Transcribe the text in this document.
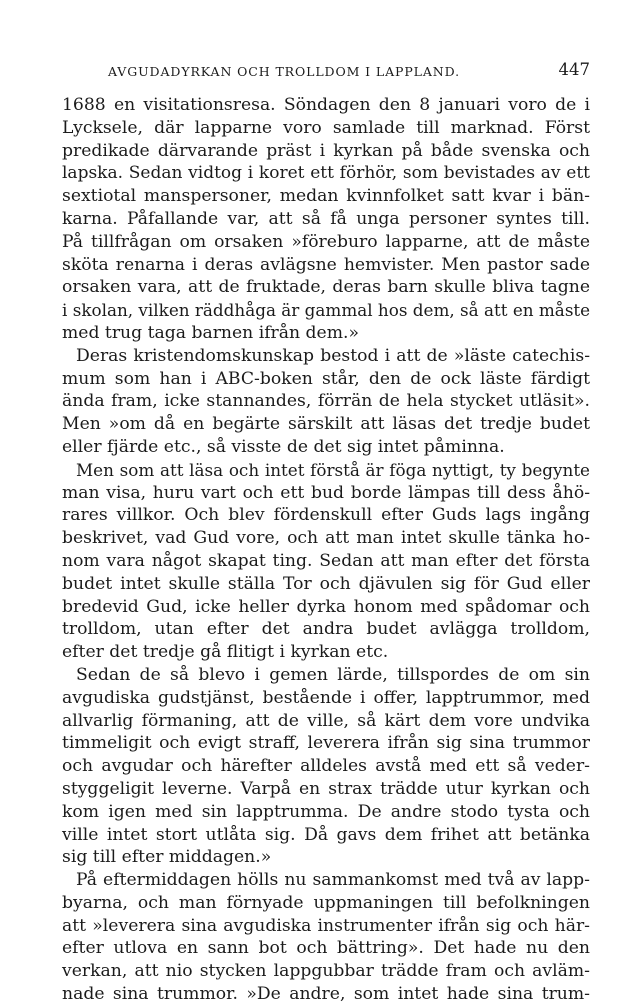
AVGUDADYRKAN OCH TROLLDOM I LAPPLAND.	447
1688 en visitationsresa. Söndagen den 8 januari voro de i
Lycksele, där lapparne voro samlade till marknad. Först
predikade därvarande präst i kyrkan på både svenska och
lapska. Sedan vidtog i koret ett förhör, som bevistades av ett
sextiotal manspersoner, medan kvinnfolket satt kvar i bän-
karna. Påfallande var, att så få unga personer syntes till.
På tillfrågan om orsaken »föreburo lapparne, att de måste
sköta renarna i deras avlägsne hemvister. Men pastor sade
orsaken vara, att de fruktade, deras barn skulle bliva tagne
i skolan, vilken räddhåga är gammal hos dem, så att en måste
med trug taga barnen ifrån dem.»
Deras kristendomskunskap bestod i att de »läste catechis-
mum som han i ABC-boken står, den de ock läste färdigt
ända fram, icke stannandes, förrän de hela stycket utläsit».
Men »om då en begärte särskilt att läsas det tredje budet
eller fjärde etc., så visste de det sig intet påminna.
Men som att läsa och intet förstå är föga nyttigt, ty begynte
man visa, huru vart och ett bud borde lämpas till dess åhö-
rares villkor. Och blev fördenskull efter Guds lags ingång
beskrivet, vad Gud vore, och att man intet skulle tänka ho-
nom vara något skapat ting. Sedan att man efter det första
budet intet skulle ställa Tor och djävulen sig för Gud eller
bredevid Gud, icke heller dyrka honom med spådomar och
trolldom, utan efter det andra budet avlägga trolldom,
efter det tredje gå flitigt i kyrkan etc.
Sedan de så blevo i gemen lärde, tillspordes de om sin
avgudiska gudstjänst, bestående i offer, lapptrummor, med
allvarlig förmaning, att de ville, så kärt dem vore undvika
timmeligit och evigt straff, leverera ifrån sig sina trummor
och avgudar och härefter alldeles avstå med ett så veder-
styggeligit leverne. Varpå en strax trädde utur kyrkan och
kom igen med sin lapptrumma. De andre stodo tysta och
ville intet stort utlåta sig. Då gavs dem frihet att betänka
sig till efter middagen.»
På eftermiddagen hölls nu sammankomst med två av lapp-
byarna, och man förnyade uppmaningen till befolkningen
att »leverera sina avgudiska instrumenter ifrån sig och här-
efter utlova en sann bot och bättring». Det hade nu den
verkan, att nio stycken lappgubbar trädde fram och avläm-
nade sina trummor. »De andre, som intet hade sina trum-
